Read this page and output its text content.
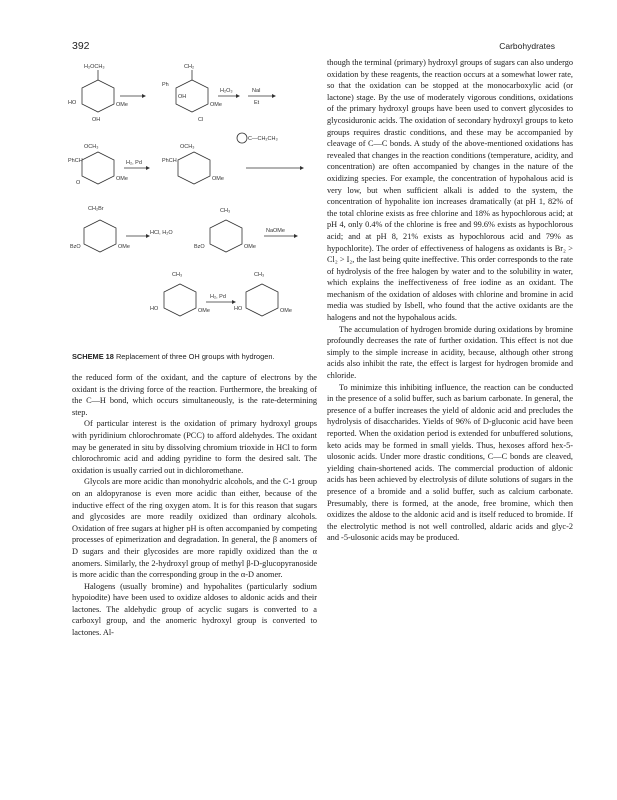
392	Carbohydrates
H₂OCH₃
HO
OH
OMe
CH₂
Ph
OH
OMe
Cl
H₂O₃	NaI
Et
OCH₃
PhCH
O
OMe
H₂, Pd
OCH₃
PhCH
OMe
C—CH₂CH₃
CH₂Br
BzO	OMe
HCl, H₂O
CH₃
BzO	OMe
NaOMe
CH₃
HO	OMe
H₂, Pd
CH₃
HO	OMe
SCHEME 18 Replacement of three OH groups with hydrogen.

the reduced form of the oxidant, and the capture of electrons by the oxidant is the driving force of the reaction. Furthermore, the breaking of the C—H bond, which occurs simultaneously, is the rate-determining step.

Of particular interest is the oxidation of primary hydroxyl groups with pyridinium chlorochromate (PCC) to afford aldehydes. The oxidant may be generated in situ by dissolving chromium trioxide in HCl to form chlorochromic acid and adding pyridine to form the desired salt. The oxidation is usually carried out in dichloromethane.

Glycols are more acidic than monohydric alcohols, and the C-1 group on an aldopyranose is even more acidic than either, because of the inductive effect of the ring oxygen atom. It is for this reason that sugars and glycosides are more readily oxidized than ordinary alcohols. Oxidation of free sugars at higher pH is often accompanied by competing processes of epimerization and degradation. In general, the β anomers of D sugars and their glycosides are more rapidly oxidized than the α anomers. Similarly, the 2-hydroxyl group of methyl β-D-glucopyranoside is more acidic than the corresponding group in the α-D anomer.

Halogens (usually bromine) and hypohalites (particularly sodium hypoiodite) have been used to oxidize aldoses to aldonic acids and their lactones. The aldehydic group of acyclic sugars is converted to a carboxyl group, and the anomeric hydroxyl group is converted to lactones. Al-

though the terminal (primary) hydroxyl groups of sugars can also undergo oxidation by these reagents, the reaction occurs at a somewhat lower rate, so that the oxidation can be stopped at the monocarboxylic acid (or lactone) stage. By the use of moderately vigorous conditions, oxidations of the primary hydroxyl groups have been used to convert glycosides to glycosiduronic acids. The oxidation of secondary hydroxyl groups to keto groups requires drastic conditions, and these may be accompanied by cleavage of C—C bonds. A study of the above-mentioned oxidations has revealed that changes in the reaction conditions (temperature, acidity, and concentration) are often accompanied by changes in the nature of the oxidizing species. For example, the concentration of hypohalous acid is very low, but when sufficient alkali is added to the system, the concentration of hypohalite ion increases dramatically (at pH 1, 82% of the total chlorine exists as free chlorine and 18% as hypochlorous acid; at pH 4, only 0.4% of the chlorine is free and 99.6% exists as hypochlorous acid; and at pH 8, 21% exists as hypochlorous acid and 79% as hypochlorite). The order of effectiveness of halogens as oxidants is Br₂ > Cl₂ > I₂, the last being quite ineffective. This order corresponds to the rate of hydrolysis of the free halogen by water and to the solubility in water, which explains the ineffectiveness of free iodine as an oxidant. The mechanism of the oxidation of aldoses with chlorine and bromine in acid media was studied by Isbell, who found that the active oxidants are the halogens and not the hypohalous acids.

The accumulation of hydrogen bromide during oxidations by bromine profoundly decreases the rate of further oxidation. This effect is not due simply to the simple increase in acidity, because, although other strong acids also inhibit the rate, the effect is largest for hydrogen bromide and chloride.

To minimize this inhibiting influence, the reaction can be conducted in the presence of a solid buffer, such as barium carbonate. In general, the presence of a buffer increases the yield of aldonic acid and precludes the hydrolysis of disaccharides. Yields of 96% of D-gluconic acid have been reported. When the oxidation period is extended for unbuffered solutions, keto acids may be formed in small yields. Thus, hexoses afford hex-5-ulosonic acids. Under more drastic conditions, C—C bonds are cleaved, yielding chain-shortened acids. The commercial production of aldonic acids has been achieved by electrolysis of dilute solutions of sugars in the presence of a bromide and a solid buffer, such as calcium carbonate. Presumably, there is formed, at the anode, free bromine, which then oxidizes the aldose to the aldonic acid and is itself reduced to bromide. If the electrolytic method is not well controlled, aldaric acids and glyc-2 and -5-ulosonic acids may be produced.
